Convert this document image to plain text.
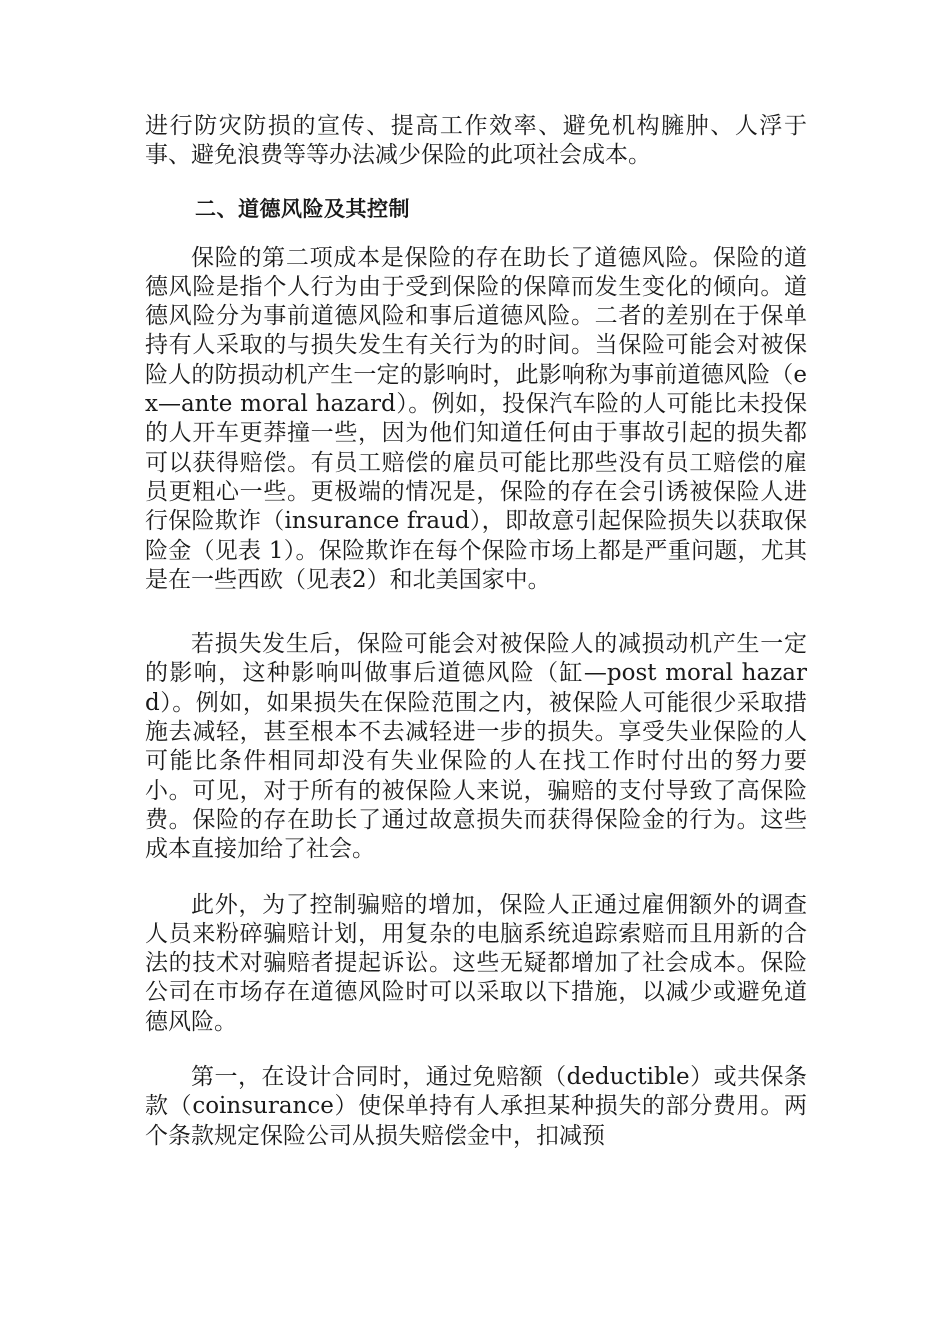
进行防灾防损的宣传、提高工作效率、避免机构臃肿、人浮于事、避免浪费等等办法减少保险的此项社会成本。

二、道德风险及其控制

保险的第二项成本是保险的存在助长了道德风险。保险的道德风险是指个人行为由于受到保险的保障而发生变化的倾向。道德风险分为事前道德风险和事后道德风险。二者的差别在于保单持有人采取的与损失发生有关行为的时间。当保险可能会对被保险人的防损动机产生一定的影响时，此影响称为事前道德风险（ex—ante moral hazard）。例如，投保汽车险的人可能比未投保的人开车更莽撞一些，因为他们知道任何由于事故引起的损失都可以获得赔偿。有员工赔偿的雇员可能比那些没有员工赔偿的雇员更粗心一些。更极端的情况是，保险的存在会引诱被保险人进行保险欺诈（insurance fraud），即故意引起保险损失以获取保险金（见表 1）。保险欺诈在每个保险市场上都是严重问题，尤其是在一些西欧（见表2）和北美国家中。

若损失发生后，保险可能会对被保险人的减损动机产生一定的影响，这种影响叫做事后道德风险（缸—post moral hazard）。例如，如果损失在保险范围之内，被保险人可能很少采取措施去减轻，甚至根本不去减轻进一步的损失。享受失业保险的人可能比条件相同却没有失业保险的人在找工作时付出的努力要小。可见，对于所有的被保险人来说，骗赔的支付导致了高保险费。保险的存在助长了通过故意损失而获得保险金的行为。这些成本直接加给了社会。

此外，为了控制骗赔的增加，保险人正通过雇佣额外的调查人员来粉碎骗赔计划，用复杂的电脑系统追踪索赔而且用新的合法的技术对骗赔者提起诉讼。这些无疑都增加了社会成本。保险公司在市场存在道德风险时可以采取以下措施，以减少或避免道德风险。

第一，在设计合同时，通过免赔额（deductible）或共保条款（coinsurance）使保单持有人承担某种损失的部分费用。两个条款规定保险公司从损失赔偿金中，扣减预
